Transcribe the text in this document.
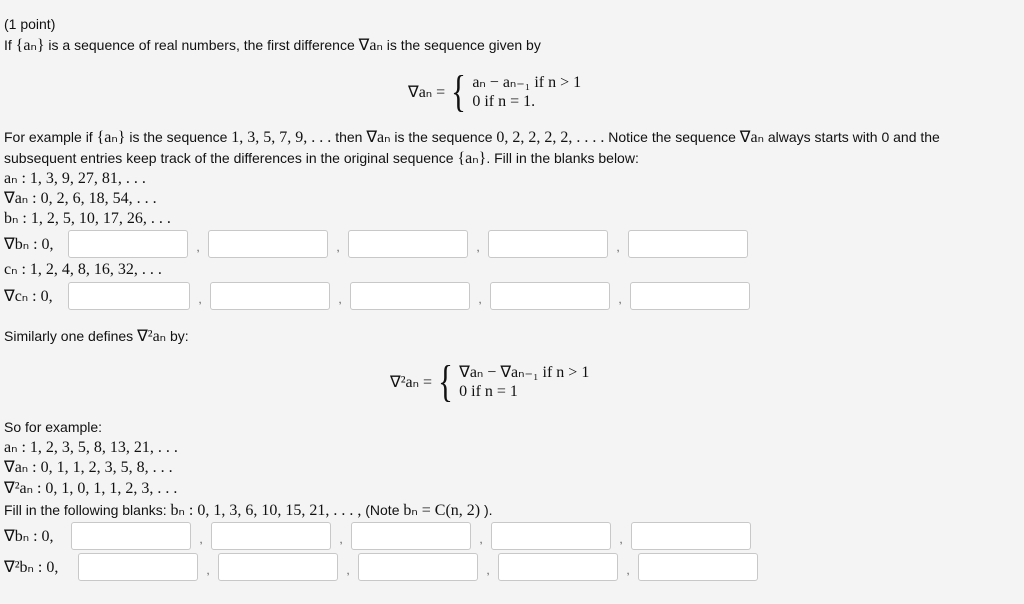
(1 point)
If {aₙ} is a sequence of real numbers, the first difference ∇aₙ is the sequence given by
∇aₙ = { aₙ − aₙ₋₁ if n > 1
0 if n = 1.
For example if {aₙ} is the sequence 1, 3, 5, 7, 9, . . . then ∇aₙ is the sequence 0, 2, 2, 2, 2, . . . . Notice the sequence ∇aₙ always starts with 0 and the
subsequent entries keep track of the differences in the original sequence {aₙ}. Fill in the blanks below:
aₙ : 1, 3, 9, 27, 81, . . .
∇aₙ : 0, 2, 6, 18, 54, . . .
bₙ : 1, 2, 5, 10, 17, 26, . . .
∇bₙ : 0,	,	,	,	,
cₙ : 1, 2, 4, 8, 16, 32, . . .
∇cₙ : 0,	,	,	,	,
Similarly one defines ∇²aₙ by:
∇²aₙ = { ∇aₙ − ∇aₙ₋₁ if n > 1
0 if n = 1
So for example:
aₙ : 1, 2, 3, 5, 8, 13, 21, . . .
∇aₙ : 0, 1, 1, 2, 3, 5, 8, . . .
∇²aₙ : 0, 1, 0, 1, 1, 2, 3, . . .
Fill in the following blanks: bₙ : 0, 1, 3, 6, 10, 15, 21, . . . , (Note bₙ = C(n, 2) ).
∇bₙ : 0,	,	,	,	,
∇²bₙ : 0,	,	,	,	,
